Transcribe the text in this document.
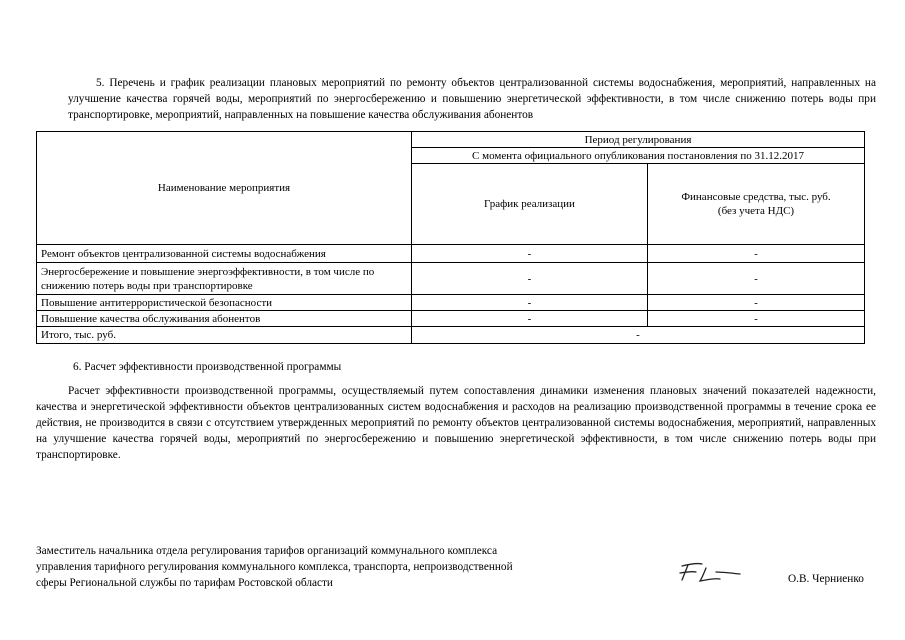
5. Перечень и график реализации плановых мероприятий по ремонту объектов централизованной системы водоснабжения, мероприятий, направленных на улучшение качества горячей воды, мероприятий по энергосбережению и повышению энергетической эффективности, в том числе снижению потерь воды при транспортировке, мероприятий, направленных на повышение качества обслуживания абонентов
Наименование мероприятия	Период регулирования	
	С момента официального опубликования постановления по 31.12.2017	
	График реализации	Финансовые средства, тыс. руб.
(без учета НДС)
Ремонт объектов централизованной системы водоснабжения	-	-
Энергосбережение и повышение энергоэффективности, в том числе по снижению потерь воды при транспортировке	-	-
Повышение антитеррористической безопасности	-	-
Повышение качества обслуживания абонентов	-	-
Итого, тыс. руб.	-	
6. Расчет эффективности производственной программы
Расчет эффективности производственной программы, осуществляемый путем сопоставления динамики изменения плановых значений показателей надежности, качества и энергетической эффективности объектов централизованных систем водоснабжения и расходов на реализацию производственной программы в течение срока ее действия, не производится в связи с отсутствием утвержденных мероприятий по ремонту объектов централизованной системы водоснабжения, мероприятий, направленных на улучшение качества горячей воды, мероприятий по энергосбережению и повышению энергетической эффективности, в том числе снижению потерь воды при транспортировке.
Заместитель начальника отдела регулирования тарифов организаций коммунального комплекса
управления тарифного регулирования коммунального комплекса, транспорта, непроизводственной
сферы Региональной службы по тарифам Ростовской области	О.В. Черниенко
